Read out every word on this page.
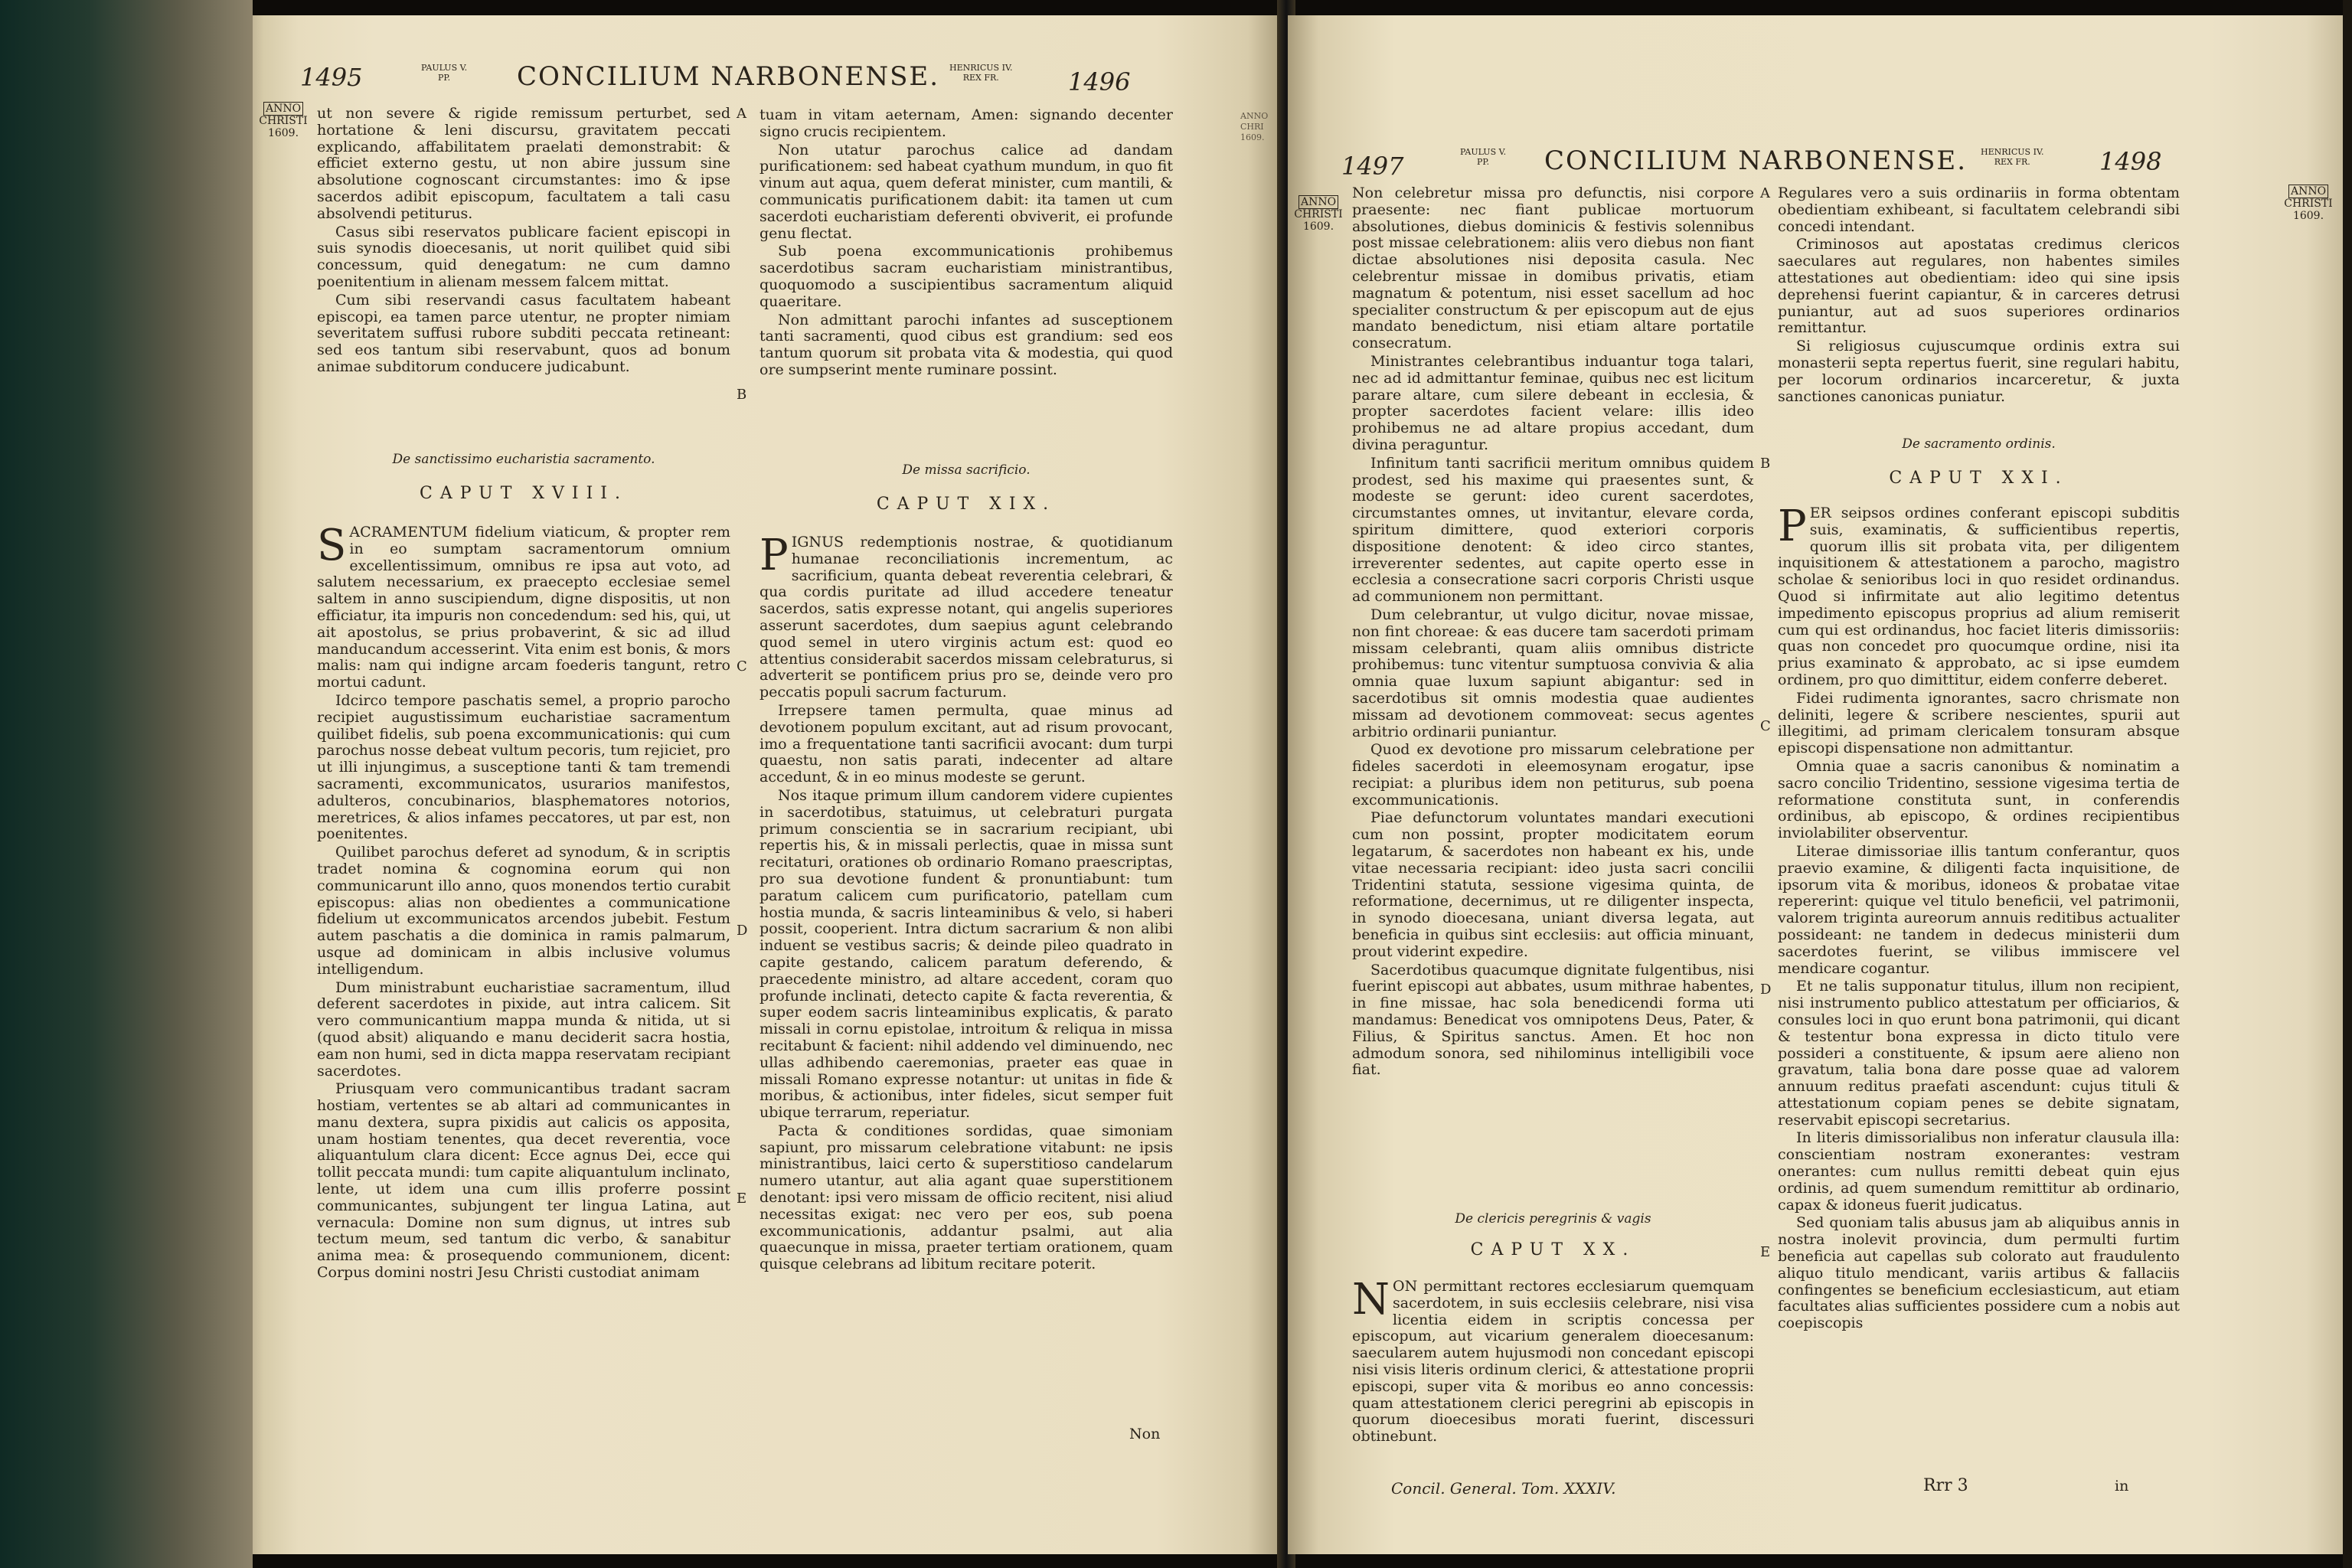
1495	PAULUS V.
PP.	CONCILIUM NARBONENSE. HENRICUS IV.
REX FR.	1496
ANNO
CHRISTI
1609.
ANNO
CHRI
1609.

ut non severe & rigide remissum perturbet, sed hortatione & leni discursu, gravitatem peccati explicando, affabilitatem praelati demonstrabit: & efficiet externo gestu, ut non abire jussum sine absolutione cognoscant circumstantes: imo & ipse sacerdos adibit episcopum, facultatem a tali casu absolvendi petiturus.

Casus sibi reservatos publicare facient episcopi in suis synodis dioecesanis, ut norit quilibet quid sibi concessum, quid denegatum: ne cum damno poenitentium in alienam messem falcem mittat.

Cum sibi reservandi casus facultatem habeant episcopi, ea tamen parce utentur, ne propter nimiam severitatem suffusi rubore subditi peccata retineant: sed eos tantum sibi reservabunt, quos ad bonum animae subditorum conducere judicabunt.

De sanctissimo eucharistia sacramento.
CAPUT XVIII.

SACRAMENTUM fidelium viaticum, & propter rem in eo sumptam sacramentorum omnium excellentissimum, omnibus re ipsa aut voto, ad salutem necessarium, ex praecepto ecclesiae semel saltem in anno suscipiendum, digne dispositis, ut non efficiatur, ita impuris non concedendum: sed his, qui, ut ait apostolus, se prius probaverint, & sic ad illud manducandum accesserint. Vita enim est bonis, & mors malis: nam qui indigne arcam foederis tangunt, retro mortui cadunt.

Idcirco tempore paschatis semel, a proprio parocho recipiet augustissimum eucharistiae sacramentum quilibet fidelis, sub poena excommunicationis: qui cum parochus nosse debeat vultum pecoris, tum rejiciet, pro ut illi injungimus, a susceptione tanti & tam tremendi sacramenti, excommunicatos, usurarios manifestos, adulteros, concubinarios, blasphematores notorios, meretrices, & alios infames peccatores, ut par est, non poenitentes.

Quilibet parochus deferet ad synodum, & in scriptis tradet nomina & cognomina eorum qui non communicarunt illo anno, quos monendos tertio curabit episcopus: alias non obedientes a communicatione fidelium ut excommunicatos arcendos jubebit. Festum autem paschatis a die dominica in ramis palmarum, usque ad dominicam in albis inclusive volumus intelligendum.

Dum ministrabunt eucharistiae sacramentum, illud deferent sacerdotes in pixide, aut intra calicem. Sit vero communicantium mappa munda & nitida, ut si (quod absit) aliquando e manu deciderit sacra hostia, eam non humi, sed in dicta mappa reservatam recipiant sacerdotes.

Priusquam vero communicantibus tradant sacram hostiam, vertentes se ab altari ad communicantes in manu dextera, supra pixidis aut calicis os apposita, unam hostiam tenentes, qua decet reverentia, voce aliquantulum clara dicent: Ecce agnus Dei, ecce qui tollit peccata mundi: tum capite aliquantulum inclinato, lente, ut idem una cum illis proferre possint communicantes, subjungent ter lingua Latina, aut vernacula: Domine non sum dignus, ut intres sub tectum meum, sed tantum dic verbo, & sanabitur anima mea: & prosequendo communionem, dicent: Corpus domini nostri Jesu Christi custodiat animam

A
B
C
D
E

tuam in vitam aeternam, Amen: signando decenter signo crucis recipientem.

Non utatur parochus calice ad dandam purificationem: sed habeat cyathum mundum, in quo fit vinum aut aqua, quem deferat minister, cum mantili, & communicatis purificationem dabit: ita tamen ut cum sacerdoti eucharistiam deferenti obviverit, ei profunde genu flectat.

Sub poena excommunicationis prohibemus sacerdotibus sacram eucharistiam ministrantibus, quoquomodo a suscipientibus sacramentum aliquid quaeritare.

Non admittant parochi infantes ad susceptionem tanti sacramenti, quod cibus est grandium: sed eos tantum quorum sit probata vita & modestia, qui quod ore sumpserint mente ruminare possint.

De missa sacrificio.
CAPUT XIX.

PIGNUS redemptionis nostrae, & quotidianum humanae reconciliationis incrementum, ac sacrificium, quanta debeat reverentia celebrari, & qua cordis puritate ad illud accedere teneatur sacerdos, satis expresse notant, qui angelis superiores asserunt sacerdotes, dum saepius agunt celebrando quod semel in utero virginis actum est: quod eo attentius considerabit sacerdos missam celebraturus, si adverterit se pontificem prius pro se, deinde vero pro peccatis populi sacrum facturum.

Irrepsere tamen permulta, quae minus ad devotionem populum excitant, aut ad risum provocant, imo a frequentatione tanti sacrificii avocant: dum turpi quaestu, non satis parati, indecenter ad altare accedunt, & in eo minus modeste se gerunt.

Nos itaque primum illum candorem videre cupientes in sacerdotibus, statuimus, ut celebraturi purgata primum conscientia se in sacrarium recipiant, ubi repertis his, & in missali perlectis, quae in missa sunt recitaturi, orationes ob ordinario Romano praescriptas, pro sua devotione fundent & pronuntiabunt: tum paratum calicem cum purificatorio, patellam cum hostia munda, & sacris linteaminibus & velo, si haberi possit, cooperient. Intra dictum sacrarium & non alibi induent se vestibus sacris; & deinde pileo quadrato in capite gestando, calicem paratum deferendo, & praecedente ministro, ad altare accedent, coram quo profunde inclinati, detecto capite & facta reverentia, & super eodem sacris linteaminibus explicatis, & parato missali in cornu epistolae, introitum & reliqua in missa recitabunt & facient: nihil addendo vel diminuendo, nec ullas adhibendo caeremonias, praeter eas quae in missali Romano expresse notantur: ut unitas in fide & moribus, & actionibus, inter fideles, sicut semper fuit ubique terrarum, reperiatur.

Pacta & conditiones sordidas, quae simoniam sapiunt, pro missarum celebratione vitabunt: ne ipsis ministrantibus, laici certo & superstitioso candelarum numero utantur, aut alia agant quae superstitionem denotant: ipsi vero missam de officio recitent, nisi aliud necessitas exigat: nec vero per eos, sub poena excommunicationis, addantur psalmi, aut alia quaecunque in missa, praeter tertiam orationem, quam quisque celebrans ad libitum recitare poterit.

Non
1497	PAULUS V.
PP.	CONCILIUM NARBONENSE. HENRICUS IV.
REX FR.	1498
ANNO
CHRISTI
1609.
ANNO
CHRISTI
1609.

Non celebretur missa pro defunctis, nisi corpore praesente: nec fiant publicae mortuorum absolutiones, diebus dominicis & festivis solennibus post missae celebrationem: aliis vero diebus non fiant dictae absolutiones nisi deposita casula. Nec celebrentur missae in domibus privatis, etiam magnatum & potentum, nisi esset sacellum ad hoc specialiter constructum & per episcopum aut de ejus mandato benedictum, nisi etiam altare portatile consecratum.

Ministrantes celebrantibus induantur toga talari, nec ad id admittantur feminae, quibus nec est licitum parare altare, cum silere debeant in ecclesia, & propter sacerdotes facient velare: illis ideo prohibemus ne ad altare propius accedant, dum divina peraguntur.

Infinitum tanti sacrificii meritum omnibus quidem prodest, sed his maxime qui praesentes sunt, & modeste se gerunt: ideo curent sacerdotes, circumstantes omnes, ut invitantur, elevare corda, spiritum dimittere, quod exteriori corporis dispositione denotent: & ideo circo stantes, irreverenter sedentes, aut capite operto esse in ecclesia a consecratione sacri corporis Christi usque ad communionem non permittant.

Dum celebrantur, ut vulgo dicitur, novae missae, non fint choreae: & eas ducere tam sacerdoti primam missam celebranti, quam aliis omnibus districte prohibemus: tunc vitentur sumptuosa convivia & alia omnia quae luxum sapiunt abigantur: sed in sacerdotibus sit omnis modestia quae audientes missam ad devotionem commoveat: secus agentes arbitrio ordinarii puniantur.

Quod ex devotione pro missarum celebratione per fideles sacerdoti in eleemosynam erogatur, ipse recipiat: a pluribus idem non petiturus, sub poena excommunicationis.

Piae defunctorum voluntates mandari executioni cum non possint, propter modicitatem eorum legatarum, & sacerdotes non habeant ex his, unde vitae necessaria recipiant: ideo justa sacri concilii Tridentini statuta, sessione vigesima quinta, de reformatione, decernimus, ut re diligenter inspecta, in synodo dioecesana, uniant diversa legata, aut beneficia in quibus sint ecclesiis: aut officia minuant, prout viderint expedire.

Sacerdotibus quacumque dignitate fulgentibus, nisi fuerint episcopi aut abbates, usum mithrae habentes, in fine missae, hac sola benedicendi forma uti mandamus: Benedicat vos omnipotens Deus, Pater, & Filius, & Spiritus sanctus. Amen. Et hoc non admodum sonora, sed nihilominus intelligibili voce fiat.

De clericis peregrinis & vagis
CAPUT XX.

NON permittant rectores ecclesiarum quemquam sacerdotem, in suis ecclesiis celebrare, nisi visa licentia eidem in scriptis concessa per episcopum, aut vicarium generalem dioecesanum: saecularem autem hujusmodi non concedant episcopi nisi visis literis ordinum clerici, & attestatione proprii episcopi, super vita & moribus eo anno concessis: quam attestationem clerici peregrini ab episcopis in quorum dioecesibus morati fuerint, discessuri obtinebunt.

A
B
C
D
E

Regulares vero a suis ordinariis in forma obtentam obedientiam exhibeant, si facultatem celebrandi sibi concedi intendant.

Criminosos aut apostatas credimus clericos saeculares aut regulares, non habentes similes attestationes aut obedientiam: ideo qui sine ipsis deprehensi fuerint capiantur, & in carceres detrusi puniantur, aut ad suos superiores ordinarios remittantur.

Si religiosus cujuscumque ordinis extra sui monasterii septa repertus fuerit, sine regulari habitu, per locorum ordinarios incarceretur, & juxta sanctiones canonicas puniatur.

De sacramento ordinis.
CAPUT XXI.

PER seipsos ordines conferant episcopi subditis suis, examinatis, & sufficientibus repertis, quorum illis sit probata vita, per diligentem inquisitionem & attestationem a parocho, magistro scholae & senioribus loci in quo residet ordinandus. Quod si infirmitate aut alio legitimo detentus impedimento episcopus proprius ad alium remiserit cum qui est ordinandus, hoc faciet literis dimissoriis: quas non concedet pro quocumque ordine, nisi ita prius examinato & approbato, ac si ipse eumdem ordinem, pro quo dimittitur, eidem conferre deberet.

Fidei rudimenta ignorantes, sacro chrismate non deliniti, legere & scribere nescientes, spurii aut illegitimi, ad primam clericalem tonsuram absque episcopi dispensatione non admittantur.

Omnia quae a sacris canonibus & nominatim a sacro concilio Tridentino, sessione vigesima tertia de reformatione constituta sunt, in conferendis ordinibus, ab episcopo, & ordines recipientibus inviolabiliter observentur.

Literae dimissoriae illis tantum conferantur, quos praevio examine, & diligenti facta inquisitione, de ipsorum vita & moribus, idoneos & probatae vitae repererint: quique vel titulo beneficii, vel patrimonii, valorem triginta aureorum annuis reditibus actualiter possideant: ne tandem in dedecus ministerii dum sacerdotes fuerint, se vilibus immiscere vel mendicare cogantur.

Et ne talis supponatur titulus, illum non recipient, nisi instrumento publico attestatum per officiarios, & consules loci in quo erunt bona patrimonii, qui dicant & testentur bona expressa in dicto titulo vere possideri a constituente, & ipsum aere alieno non gravatum, talia bona dare posse quae ad valorem annuum reditus praefati ascendunt: cujus tituli & attestationum copiam penes se debite signatam, reservabit episcopi secretarius.

In literis dimissorialibus non inferatur clausula illa: conscientiam nostram exonerantes: vestram onerantes: cum nullus remitti debeat quin ejus ordinis, ad quem sumendum remittitur ab ordinario, capax & idoneus fuerit judicatus.

Sed quoniam talis abusus jam ab aliquibus annis in nostra inolevit provincia, dum permulti furtim beneficia aut capellas sub colorato aut fraudulento aliquo titulo mendicant, variis artibus & fallaciis confingentes se beneficium ecclesiasticum, aut etiam facultates alias sufficientes possidere cum a nobis aut coepiscopis

Concil. General. Tom. XXXIV.	Rrr 3	in
